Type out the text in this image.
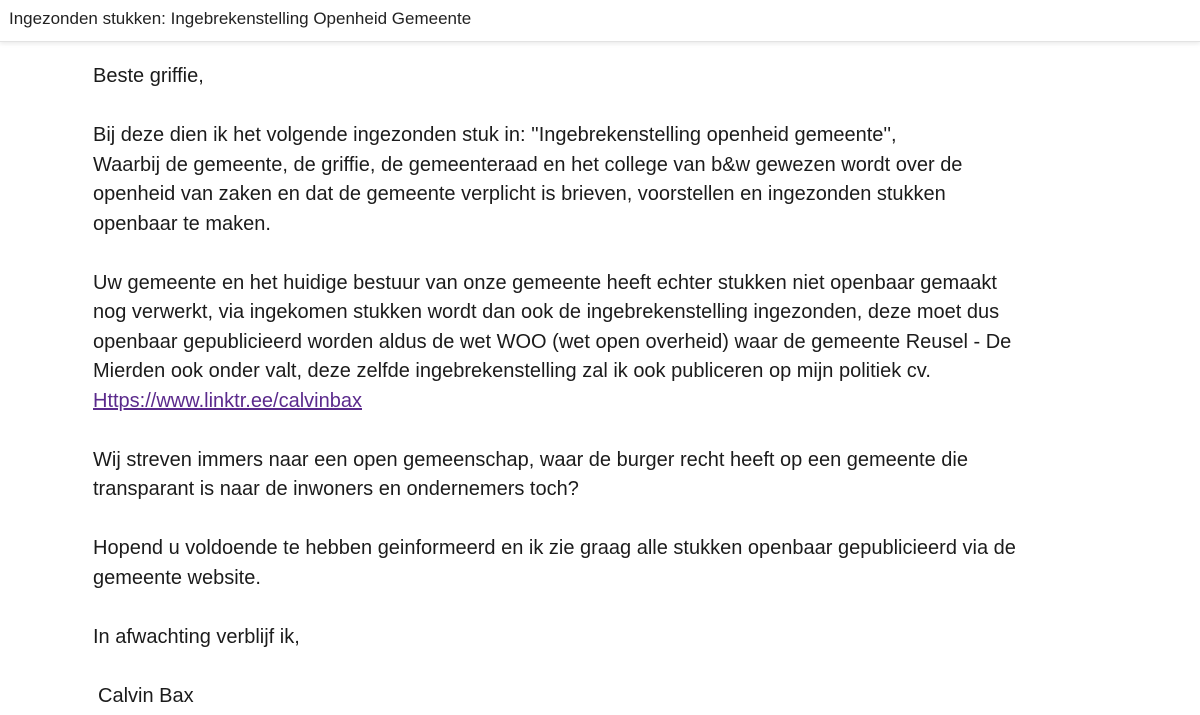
Ingezonden stukken: Ingebrekenstelling Openheid Gemeente

Beste griffie,

Bij deze dien ik het volgende ingezonden stuk in: ''Ingebrekenstelling openheid gemeente'',
Waarbij de gemeente, de griffie, de gemeenteraad en het college van b&w gewezen wordt over de
openheid van zaken en dat de gemeente verplicht is brieven, voorstellen en ingezonden stukken
openbaar te maken.

Uw gemeente en het huidige bestuur van onze gemeente heeft echter stukken niet openbaar gemaakt
nog verwerkt, via ingekomen stukken wordt dan ook de ingebrekenstelling ingezonden, deze moet dus
openbaar gepublicieerd worden aldus de wet WOO (wet open overheid) waar de gemeente Reusel - De
Mierden ook onder valt, deze zelfde ingebrekenstelling zal ik ook publiceren op mijn politiek cv.
Https://www.linktr.ee/calvinbax

Wij streven immers naar een open gemeenschap, waar de burger recht heeft op een gemeente die
transparant is naar de inwoners en ondernemers toch?

Hopend u voldoende te hebben geinformeerd en ik zie graag alle stukken openbaar gepublicieerd via de
gemeente website.

In afwachting verblijf ik,

Calvin Bax
